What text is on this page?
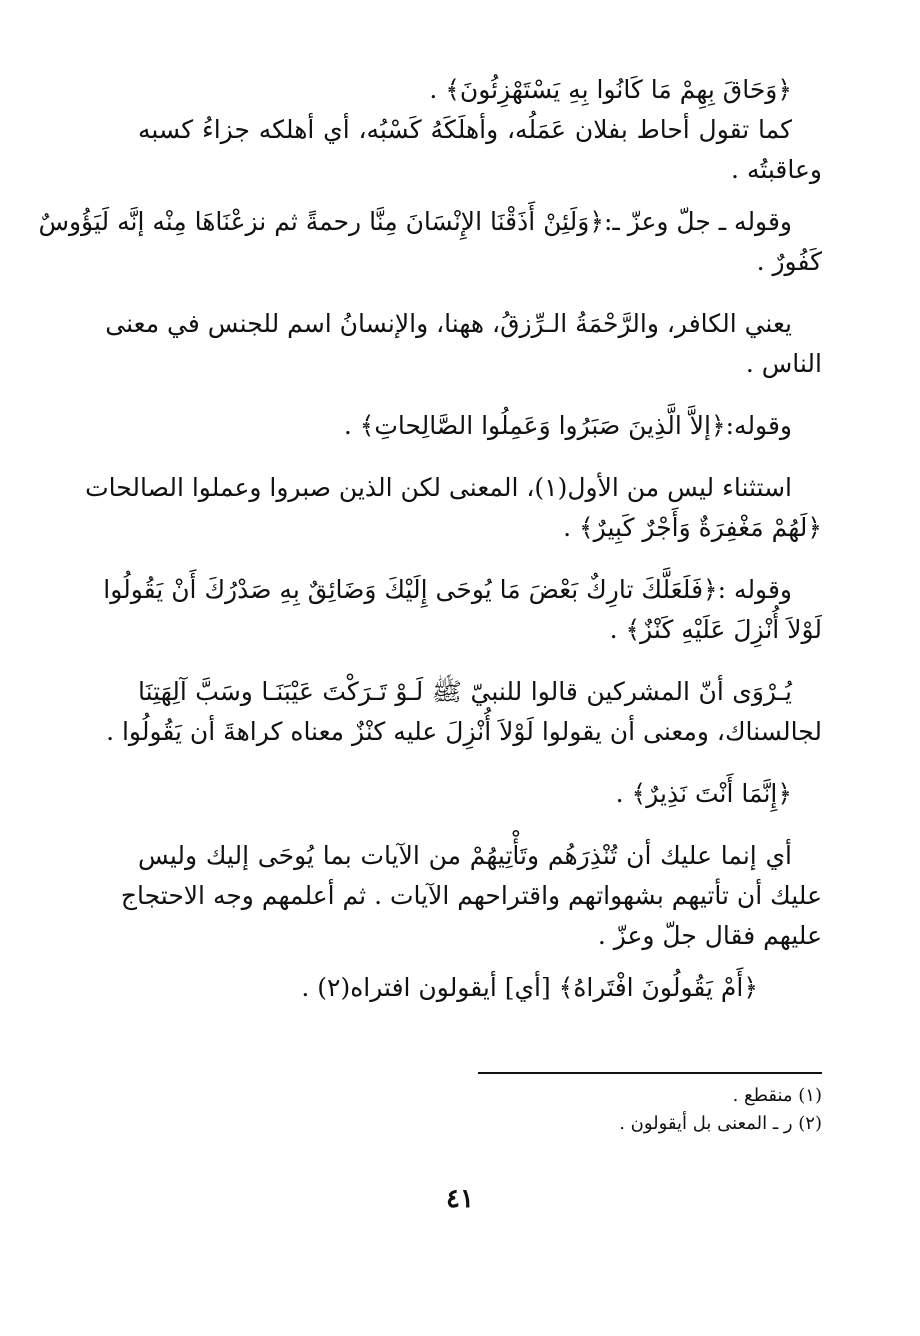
﴿وَحَاقَ بِهِمْ مَا كَانُوا بِهِ يَسْتَهْزِئُونَ﴾ .
كما تقول أحاط بفلان عَمَلُه، وأهلَكَهُ كَسْبُه، أي أهلكه جزاءُ كسبه
وعاقبتُه .
وقوله ـ جلّ وعزّ ـ:﴿وَلَئِنْ أَذَقْنَا الإِنْسَانَ مِنَّا رحمةً ثم نزعْنَاهَا مِنْه إنَّه لَيَؤُوسٌ
كَفُورٌ .
يعني الكافر، والرَّحْمَةُ الـرِّزقُ، ههنا، والإنسانُ اسم للجنس في معنى
الناس .
وقوله:﴿إلاَّ الَّذِينَ صَبَرُوا وَعَمِلُوا الصَّالِحاتِ﴾ .
استثناء ليس من الأول(١)، المعنى لكن الذين صبروا وعملوا الصالحات
﴿لَهُمْ مَغْفِرَةٌ وَأَجْرٌ كَبِيرٌ﴾ .
وقوله :﴿فَلَعَلَّكَ تارِكٌ بَعْضَ مَا يُوحَى إِلَيْكَ وَضَائِقٌ بِهِ صَدْرُكَ أَنْ يَقُولُوا
لَوْلاَ أُنْزِلَ عَلَيْهِ كَنْزٌ﴾ .
يُـرْوَى أنّ المشركين قالوا للنبيّ ﷺ لَـوْ تَـرَكْتَ عَيْبَنَـا وسَبَّ آلِهَتِنَا
لجالسناك، ومعنى أن يقولوا لَوْلاَ أُنْزِلَ عليه كنْزٌ معناه كراهةَ أن يَقُولُوا .
﴿إِنَّمَا أَنْتَ نَذِيرٌ﴾ .
أي إنما عليك أن تُنْذِرَهُم وتَأْتِيهُمْ من الآيات بما يُوحَى إليك وليس
عليك أن تأتيهم بشهواتهم واقتراحهم الآيات . ثم أعلمهم وجه الاحتجاج
عليهم فقال جلّ وعزّ .
﴿أَمْ يَقُولُونَ افْتَراهُ﴾ [أي] أيقولون افتراه(٢) .
(١) منقطع .
(٢) ر ـ المعنى بل أيقولون .
٤١
